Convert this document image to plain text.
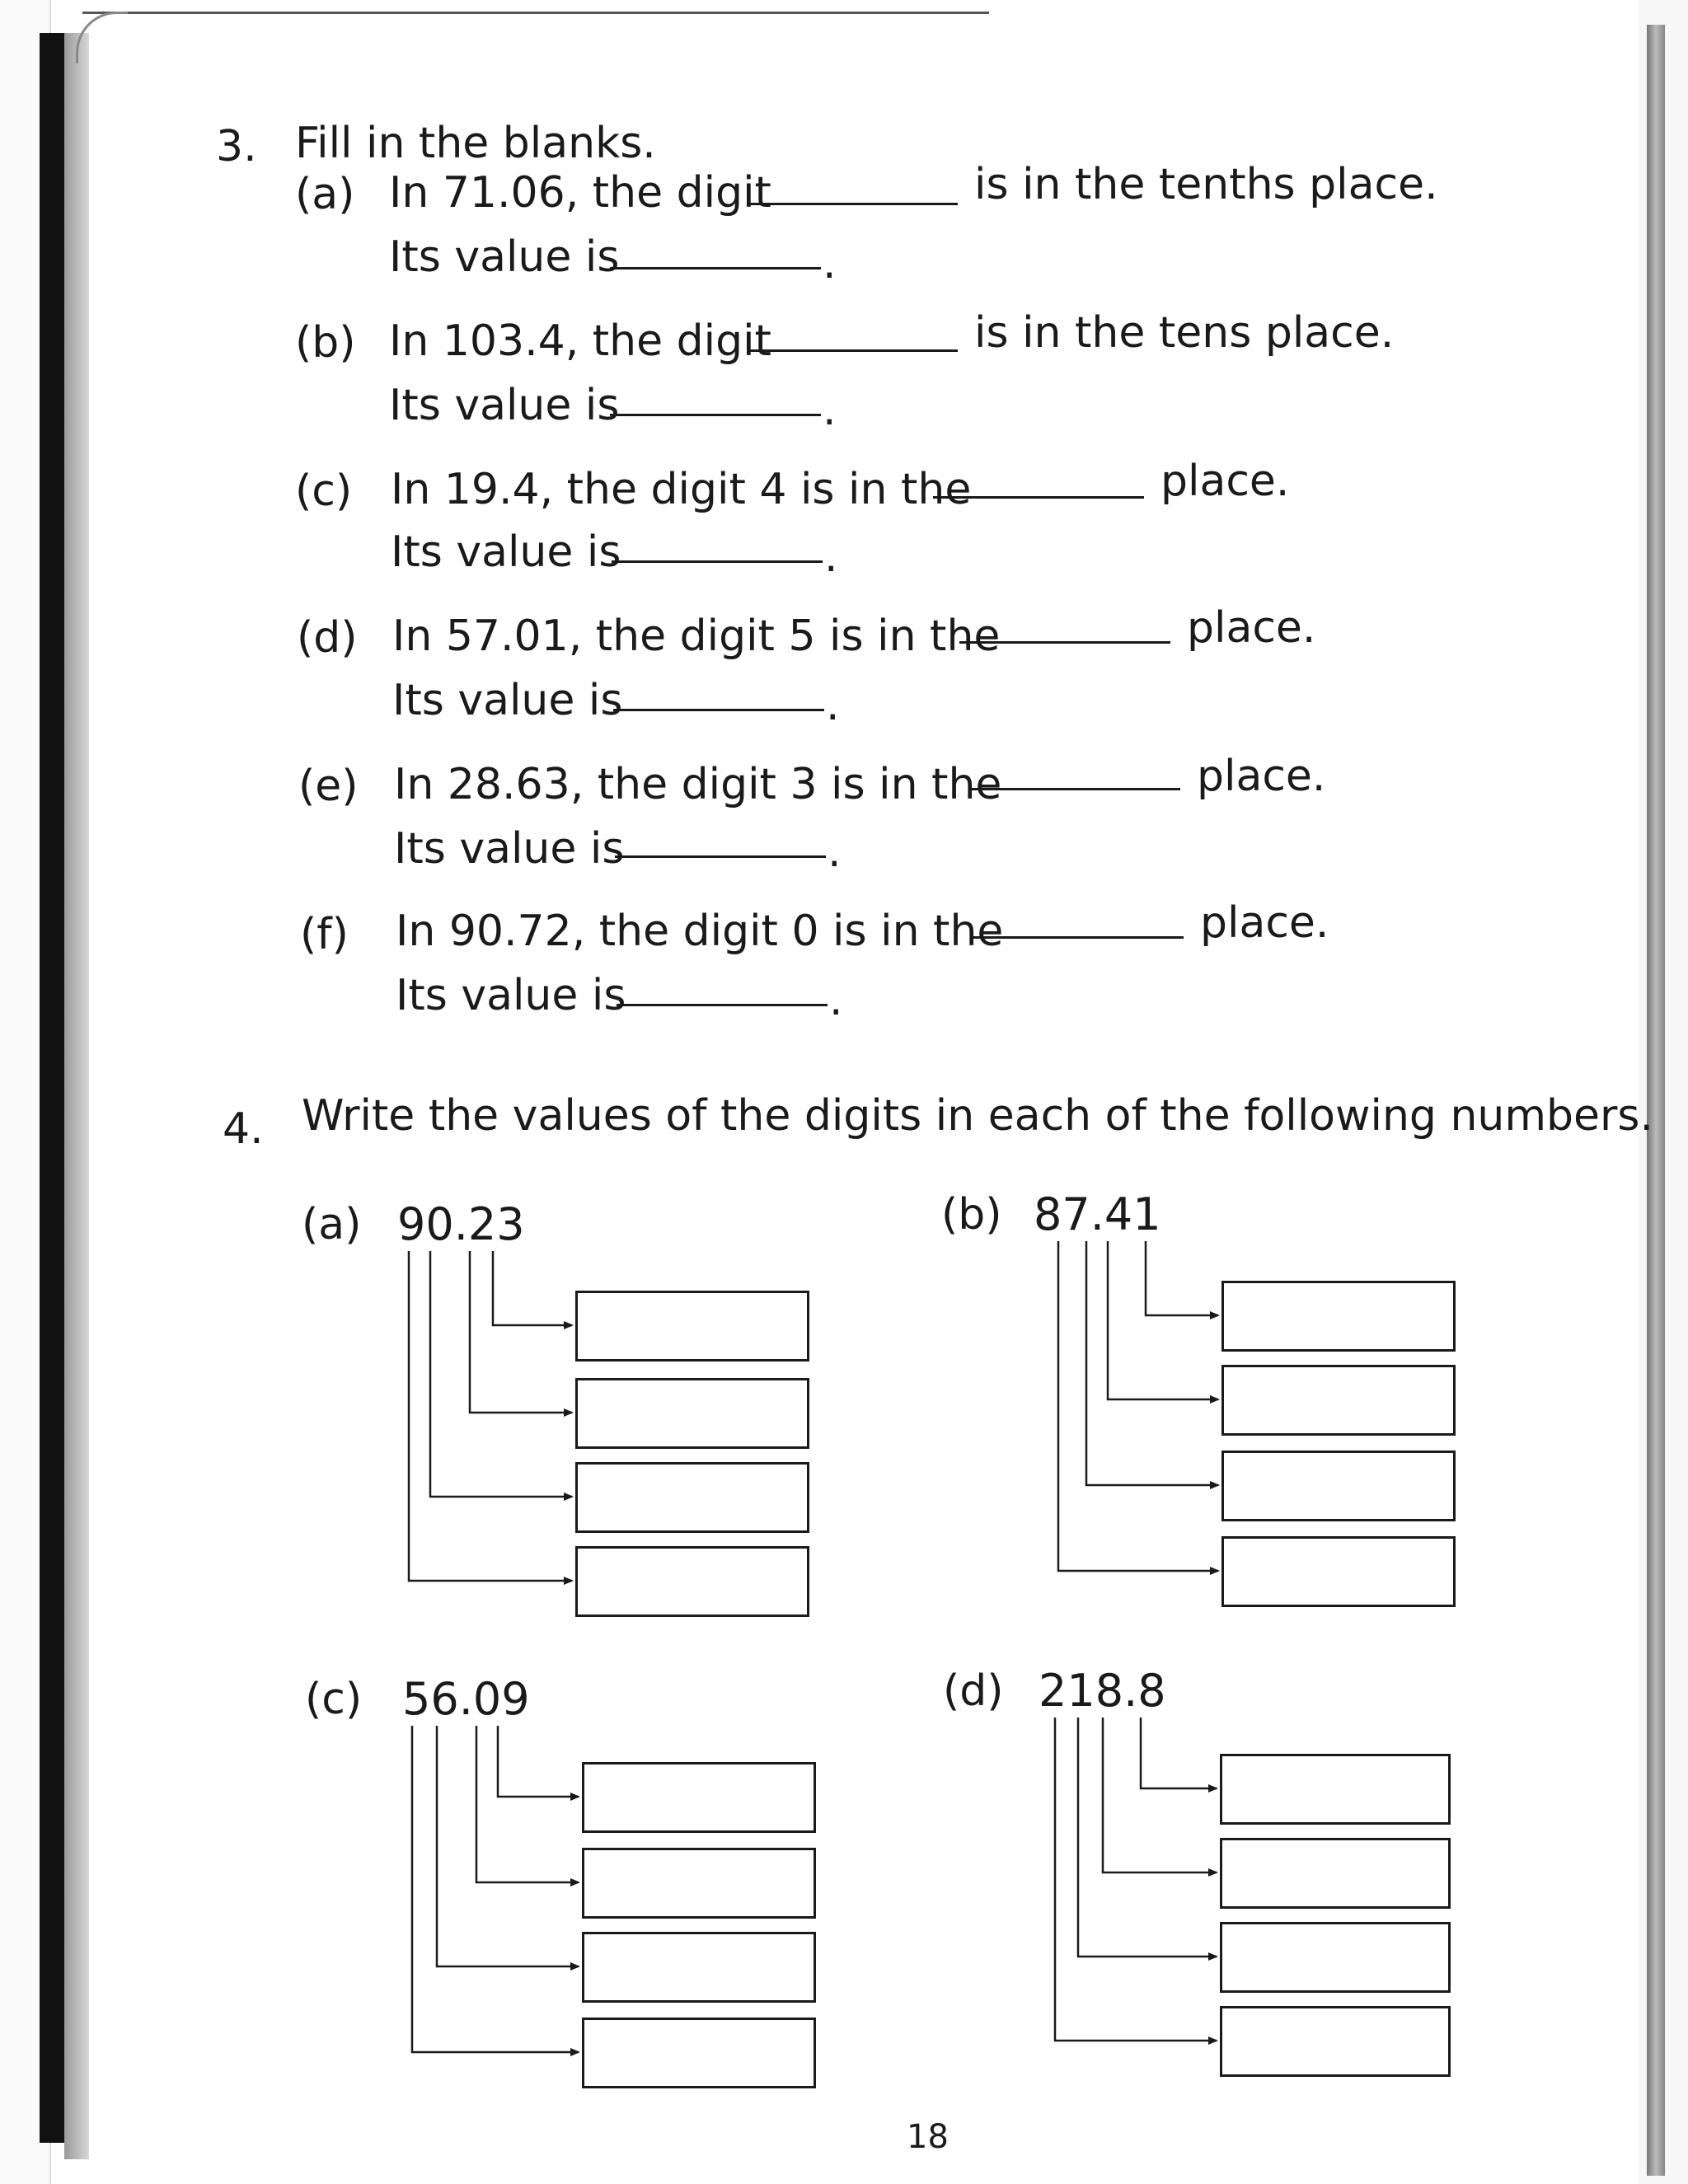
3. Fill in the blanks.
(a) In 71.06, the digit	is in the tenths place.
Its value is	.
(b) In 103.4, the digit	is in the tens place.
Its value is	.
(c) In 19.4, the digit 4 is in the	place.
Its value is	.
(d) In 57.01, the digit 5 is in the	place.
Its value is	.
(e) In 28.63, the digit 3 is in the	place.
Its value is	.
(f) In 90.72, the digit 0 is in the	place.
Its value is	.
4. Write the values of the digits in each of the following numbers.
(a) 90.23	(b) 87.41
(c) 56.09	(d) 218.8
18
